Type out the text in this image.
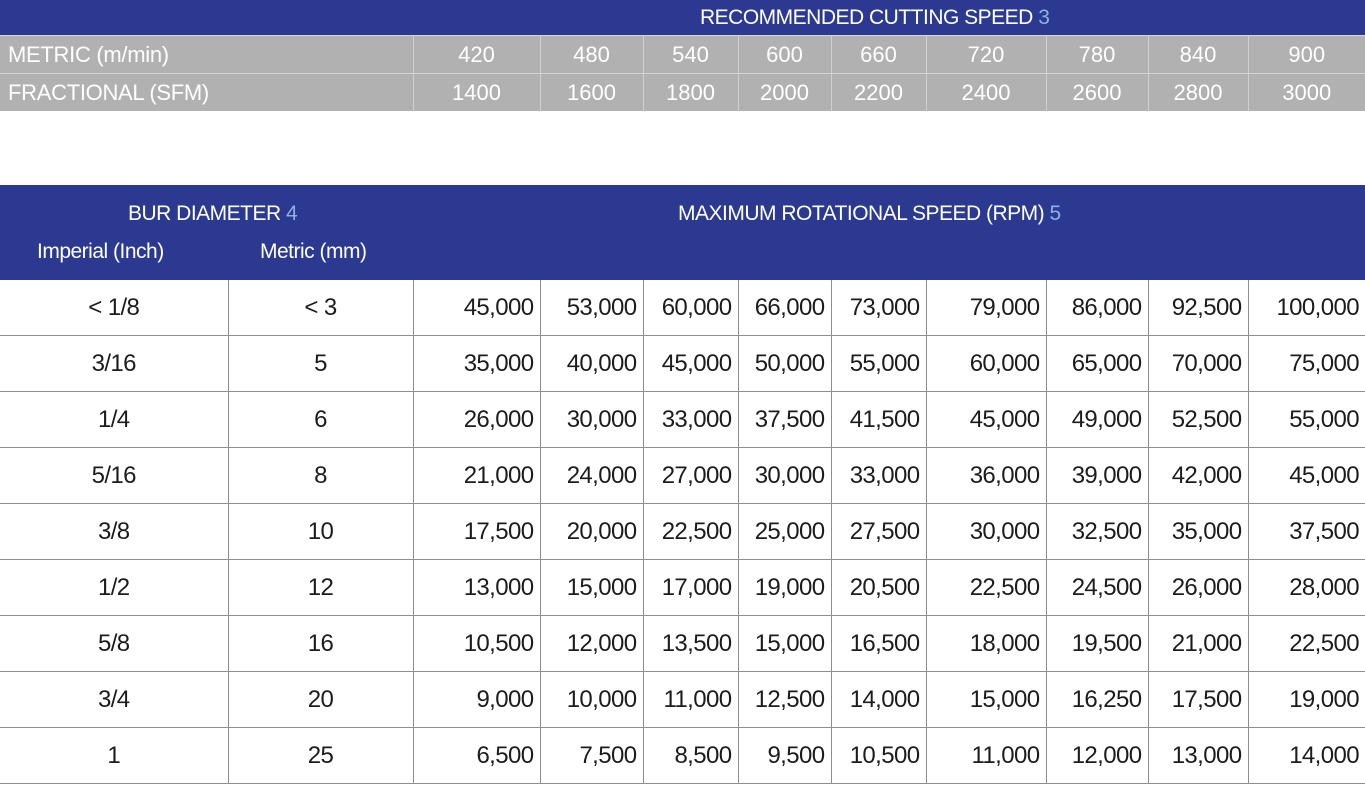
RECOMMENDED CUTTING SPEED 3
METRIC (m/min)	420	480	540	600	660	720	780	840	900
FRACTIONAL (SFM)	1400	1600	1800	2000	2200	2400	2600	2800	3000
BUR DIAMETER 4
Imperial (Inch)	Metric (mm)
MAXIMUM ROTATIONAL SPEED (RPM) 5
< 1/8	< 3	45,000	53,000	60,000	66,000	73,000	79,000	86,000	92,500	100,000
3/16	5	35,000	40,000	45,000	50,000	55,000	60,000	65,000	70,000	75,000
1/4	6	26,000	30,000	33,000	37,500	41,500	45,000	49,000	52,500	55,000
5/16	8	21,000	24,000	27,000	30,000	33,000	36,000	39,000	42,000	45,000
3/8	10	17,500	20,000	22,500	25,000	27,500	30,000	32,500	35,000	37,500
1/2	12	13,000	15,000	17,000	19,000	20,500	22,500	24,500	26,000	28,000
5/8	16	10,500	12,000	13,500	15,000	16,500	18,000	19,500	21,000	22,500
3/4	20	9,000	10,000	11,000	12,500	14,000	15,000	16,250	17,500	19,000
1	25	6,500	7,500	8,500	9,500	10,500	11,000	12,000	13,000	14,000
